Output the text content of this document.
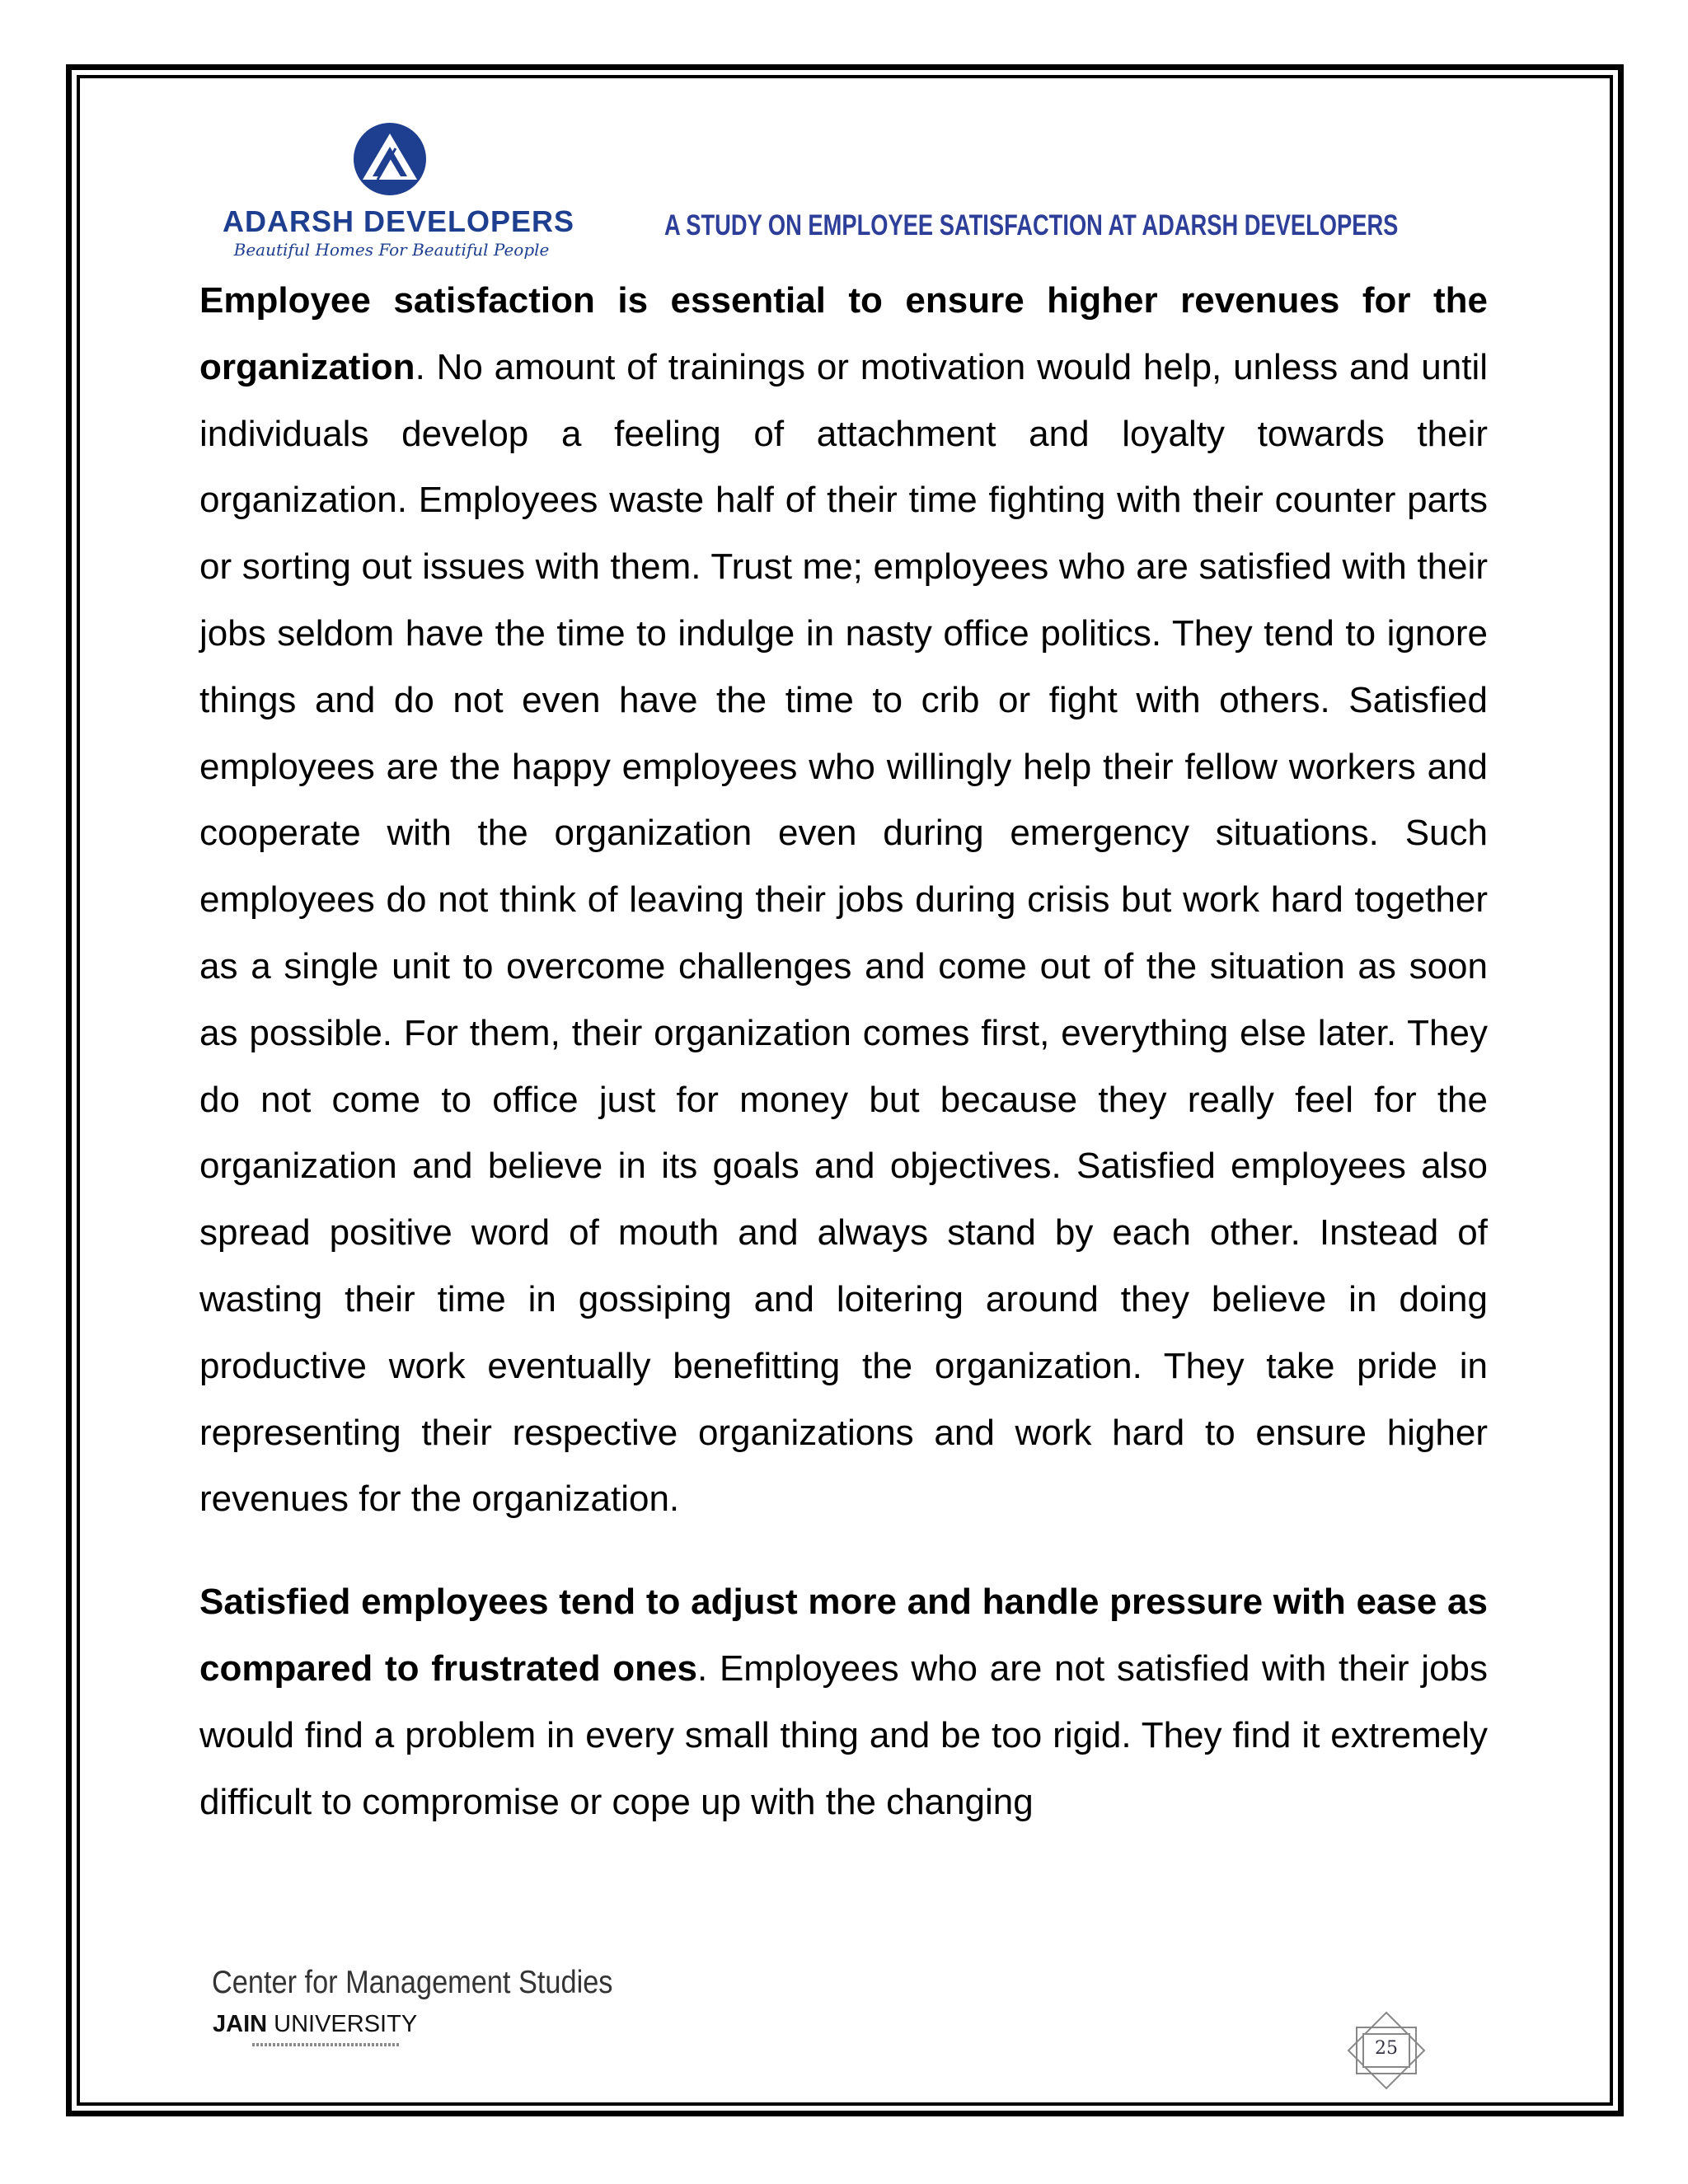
ADARSH DEVELOPERS
Beautiful Homes For Beautiful People
A STUDY ON EMPLOYEE SATISFACTION AT ADARSH DEVELOPERS

Employee satisfaction is essential to ensure higher revenues for the organization. No amount of trainings or motivation would help, unless and until individuals develop a feeling of attachment and loyalty towards their organization. Employees waste half of their time fighting with their counter parts or sorting out issues with them. Trust me; employees who are satisfied with their jobs seldom have the time to indulge in nasty office politics. They tend to ignore things and do not even have the time to crib or fight with others. Satisfied employees are the happy employees who willingly help their fellow workers and cooperate with the organization even during emergency situations. Such employees do not think of leaving their jobs during crisis but work hard together as a single unit to overcome challenges and come out of the situation as soon as possible. For them, their organization comes first, everything else later. They do not come to office just for money but because they really feel for the organization and believe in its goals and objectives. Satisfied employees also spread positive word of mouth and always stand by each other. Instead of wasting their time in gossiping and loitering around they believe in doing productive work eventually benefitting the organization. They take pride in representing their respective organizations and work hard to ensure higher revenues for the organization.

Satisfied employees tend to adjust more and handle pressure with ease as compared to frustrated ones. Employees who are not satisfied with their jobs would find a problem in every small thing and be too rigid. They find it extremely difficult to compromise or cope up with the changing

Center for Management Studies
JAIN UNIVERSITY
25
